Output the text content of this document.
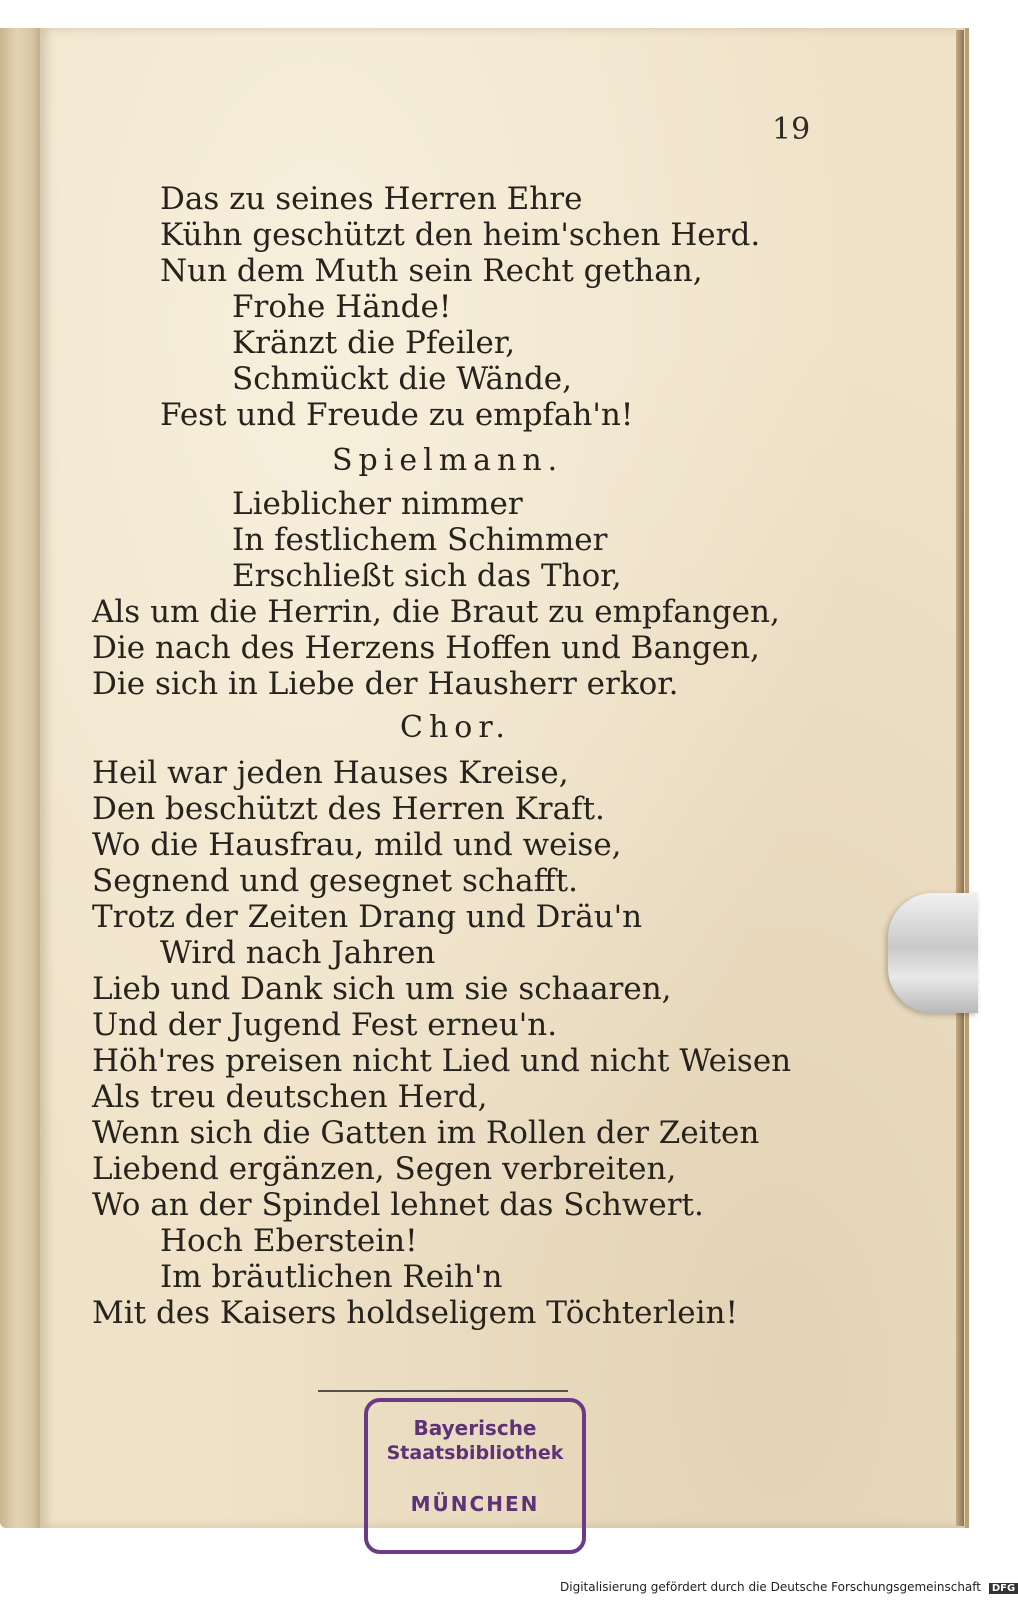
19
Das zu seines Herren Ehre
Kühn geschützt den heim'schen Herd.
Nun dem Muth sein Recht gethan,
Frohe Hände!
Kränzt die Pfeiler,
Schmückt die Wände,
Fest und Freude zu empfah'n!
Spielmann.
Lieblicher nimmer
In festlichem Schimmer
Erschließt sich das Thor,
Als um die Herrin, die Braut zu empfangen,
Die nach des Herzens Hoffen und Bangen,
Die sich in Liebe der Hausherr erkor.
Chor.
Heil war jeden Hauses Kreise,
Den beschützt des Herren Kraft.
Wo die Hausfrau, mild und weise,
Segnend und gesegnet schafft.
Trotz der Zeiten Drang und Dräu'n
Wird nach Jahren
Lieb und Dank sich um sie schaaren,
Und der Jugend Fest erneu'n.
Höh'res preisen nicht Lied und nicht Weisen
Als treu deutschen Herd,
Wenn sich die Gatten im Rollen der Zeiten
Liebend ergänzen, Segen verbreiten,
Wo an der Spindel lehnet das Schwert.
Hoch Eberstein!
Im bräutlichen Reih'n
Mit des Kaisers holdseligem Töchterlein!
Bayerische
Staatsbibliothek
MÜNCHEN
Digitalisierung gefördert durch die Deutsche Forschungsgemeinschaft DFG
